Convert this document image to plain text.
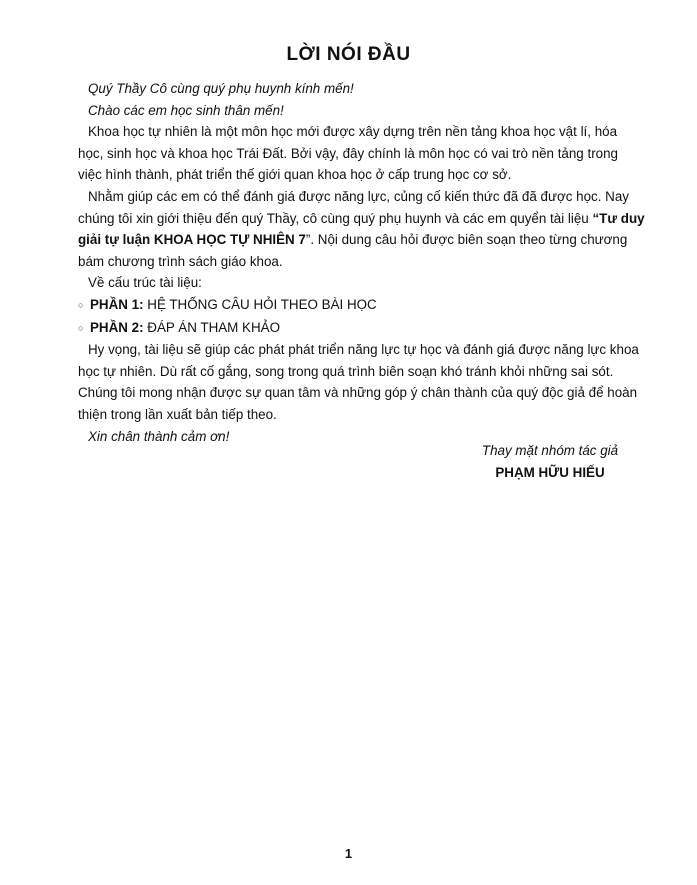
LỜI NÓI ĐẦU
Quý Thầy Cô cùng quý phụ huynh kính mến!
Chào các em học sinh thân mến!
Khoa học tự nhiên là một môn học mới được xây dựng trên nền tảng khoa học vật lí, hóa
học, sinh học và khoa học Trái Đất. Bởi vậy, đây chính là môn học có vai trò nền tảng trong
việc hình thành, phát triển thế giới quan khoa học ở cấp trung học cơ sở.
Nhằm giúp các em có thể đánh giá được năng lực, củng cố kiến thức đã đã được học. Nay
chúng tôi xin giới thiệu đến quý Thầy, cô cùng quý phụ huynh và các em quyển tài liệu “Tư duy
giải tự luận KHOA HỌC TỰ NHIÊN 7”. Nội dung câu hỏi được biên soạn theo từng chương
bám chương trình sách giáo khoa.
Về cấu trúc tài liệu:
○ PHẦN 1: HỆ THỐNG CÂU HỎI THEO BÀI HỌC
○ PHẦN 2: ĐÁP ÁN THAM KHẢO
Hy vọng, tài liệu sẽ giúp các phát phát triển năng lực tự học và đánh giá được năng lực khoa
học tự nhiên. Dù rất cố gắng, song trong quá trình biên soạn khó tránh khỏi những sai sót.
Chúng tôi mong nhận được sự quan tâm và những góp ý chân thành của quý độc giả để hoàn
thiện trong lần xuất bản tiếp theo.
Xin chân thành cảm ơn!
Thay mặt nhóm tác giả
PHẠM HỮU HIẾU
1
